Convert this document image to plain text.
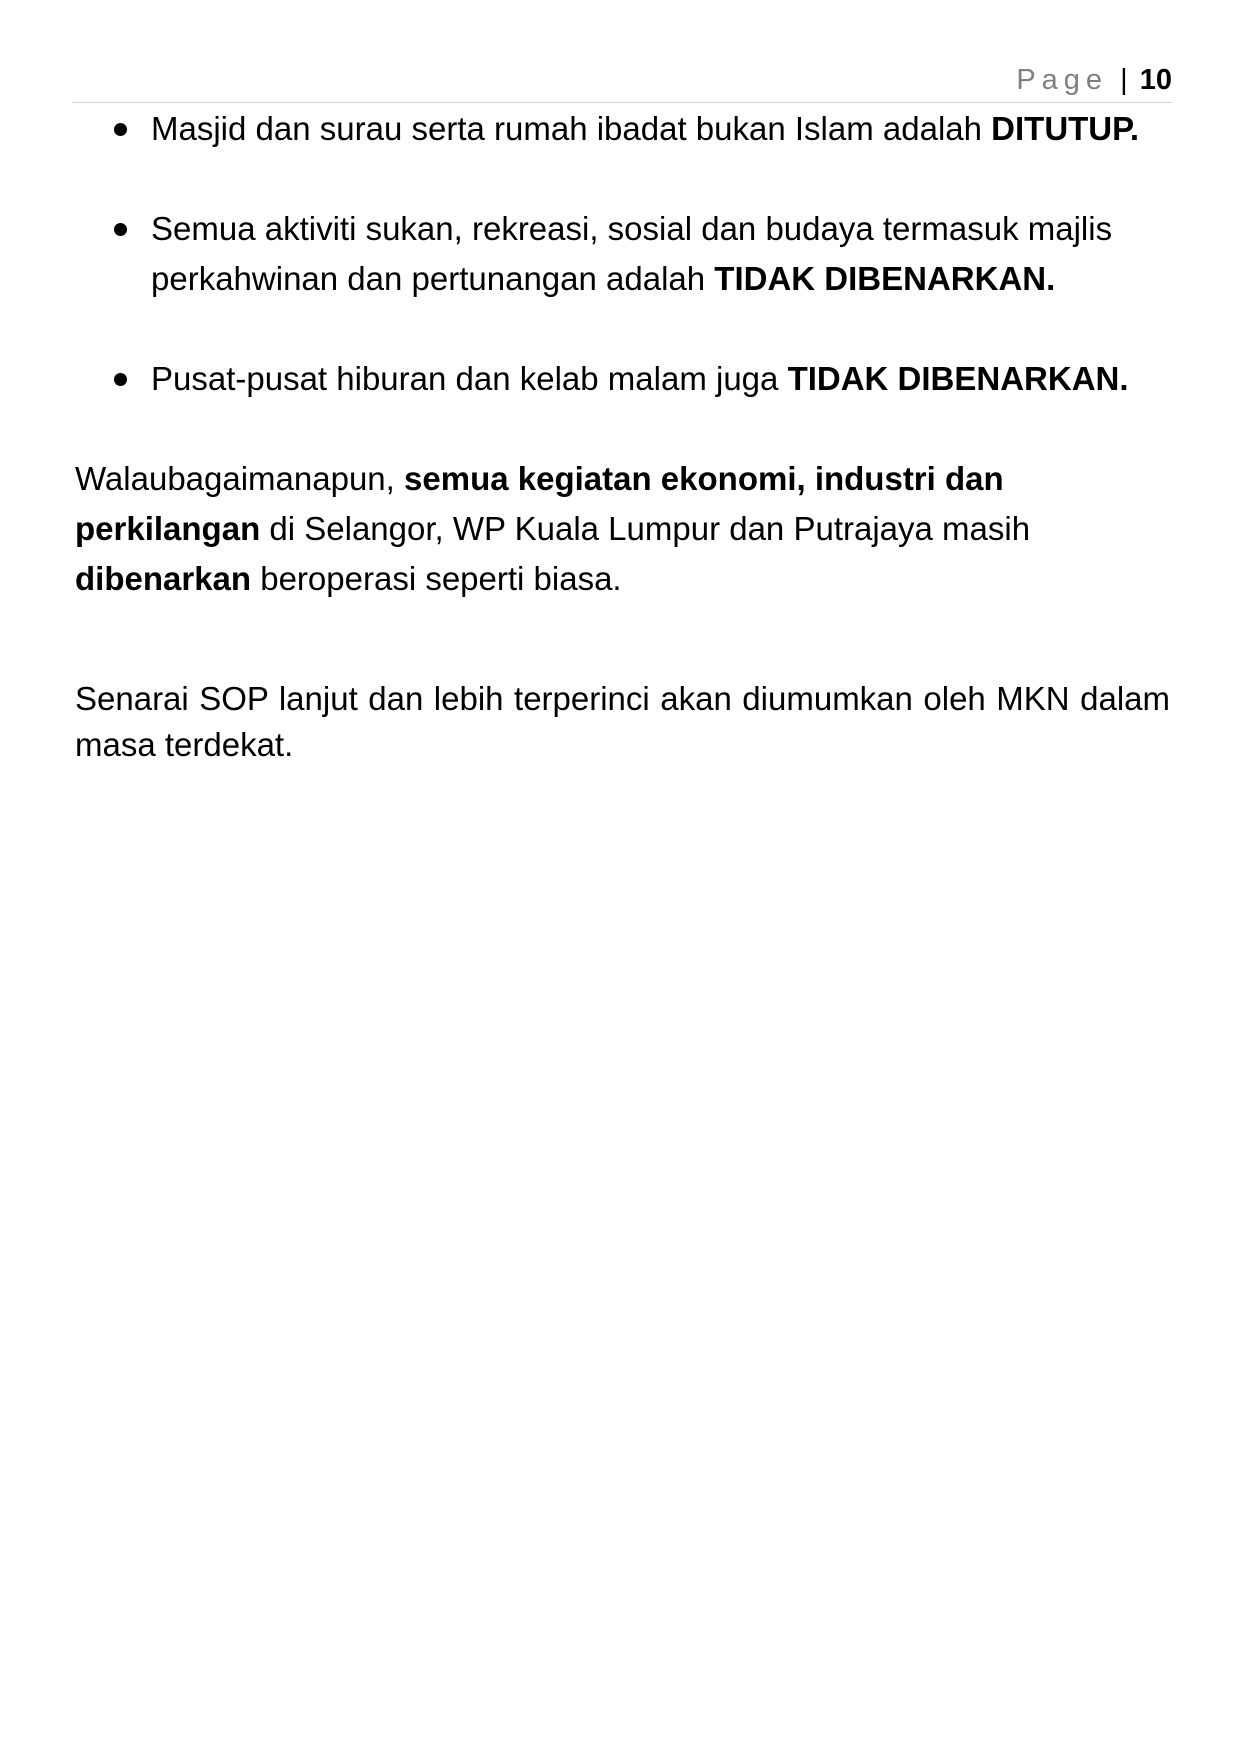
Page | 10
Masjid dan surau serta rumah ibadat bukan Islam adalah DITUTUP.
Semua aktiviti sukan, rekreasi, sosial dan budaya termasuk majlis perkahwinan dan pertunangan adalah TIDAK DIBENARKAN.
Pusat-pusat hiburan dan kelab malam juga TIDAK DIBENARKAN.

Walaubagaimanapun, semua kegiatan ekonomi, industri dan perkilangan di Selangor, WP Kuala Lumpur dan Putrajaya masih dibenarkan beroperasi seperti biasa.

Senarai SOP lanjut dan lebih terperinci akan diumumkan oleh MKN dalam masa terdekat.
